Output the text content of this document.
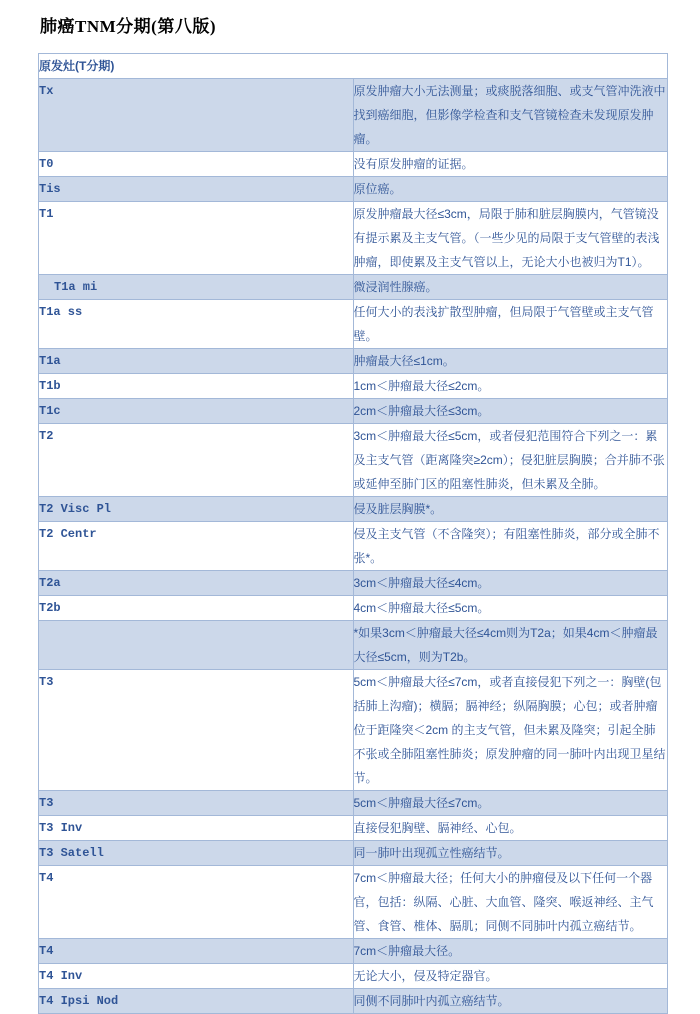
肺癌TNM分期(第八版)
原发灶(T分期)	
Tx	原发肿瘤大小无法测量；或痰脱落细胞、或支气管冲洗液中找到癌细胞，但影像学检查和支气管镜检查未发现原发肿瘤。
T0	没有原发肿瘤的证据。
Tis	原位癌。
T1	原发肿瘤最大径≤3cm，局限于肺和脏层胸膜内，气管镜没有提示累及主支气管。（一些少见的局限于支气管壁的表浅肿瘤，即使累及主支气管以上，无论大小也被归为T1）。
T1a mi	微浸润性腺癌。
T1a ss	任何大小的表浅扩散型肿瘤，但局限于气管壁或主支气管壁。
T1a	肿瘤最大径≤1cm。
T1b	1cm＜肿瘤最大径≤2cm。
T1c	2cm＜肿瘤最大径≤3cm。
T2	3cm＜肿瘤最大径≤5cm，或者侵犯范围符合下列之一：累及主支气管（距离隆突≥2cm）；侵犯脏层胸膜；合并肺不张或延伸至肺门区的阻塞性肺炎，但未累及全肺。
T2 Visc Pl	侵及脏层胸膜*。
T2 Centr	侵及主支气管（不含隆突）；有阻塞性肺炎，部分或全肺不张*。
T2a	3cm＜肿瘤最大径≤4cm。
T2b	4cm＜肿瘤最大径≤5cm。
	*如果3cm＜肿瘤最大径≤4cm则为T2a；如果4cm＜肿瘤最大径≤5cm，则为T2b。
T3	5cm＜肿瘤最大径≤7cm，或者直接侵犯下列之一：胸壁(包括肺上沟瘤)；横膈；膈神经；纵隔胸膜；心包；或者肿瘤位于距隆突＜2cm 的主支气管，但未累及隆突；引起全肺不张或全肺阻塞性肺炎；原发肿瘤的同一肺叶内出现卫星结节。
T3	5cm＜肿瘤最大径≤7cm。
T3 Inv	直接侵犯胸壁、膈神经、心包。
T3 Satell	同一肺叶出现孤立性癌结节。
T4	7cm＜肿瘤最大径；任何大小的肿瘤侵及以下任何一个器官，包括：纵隔、心脏、大血管、隆突、喉返神经、主气管、食管、椎体、膈肌；同侧不同肺叶内孤立癌结节。
T4	7cm＜肿瘤最大径。
T4 Inv	无论大小，侵及特定器官。
T4 Ipsi Nod	同侧不同肺叶内孤立癌结节。
